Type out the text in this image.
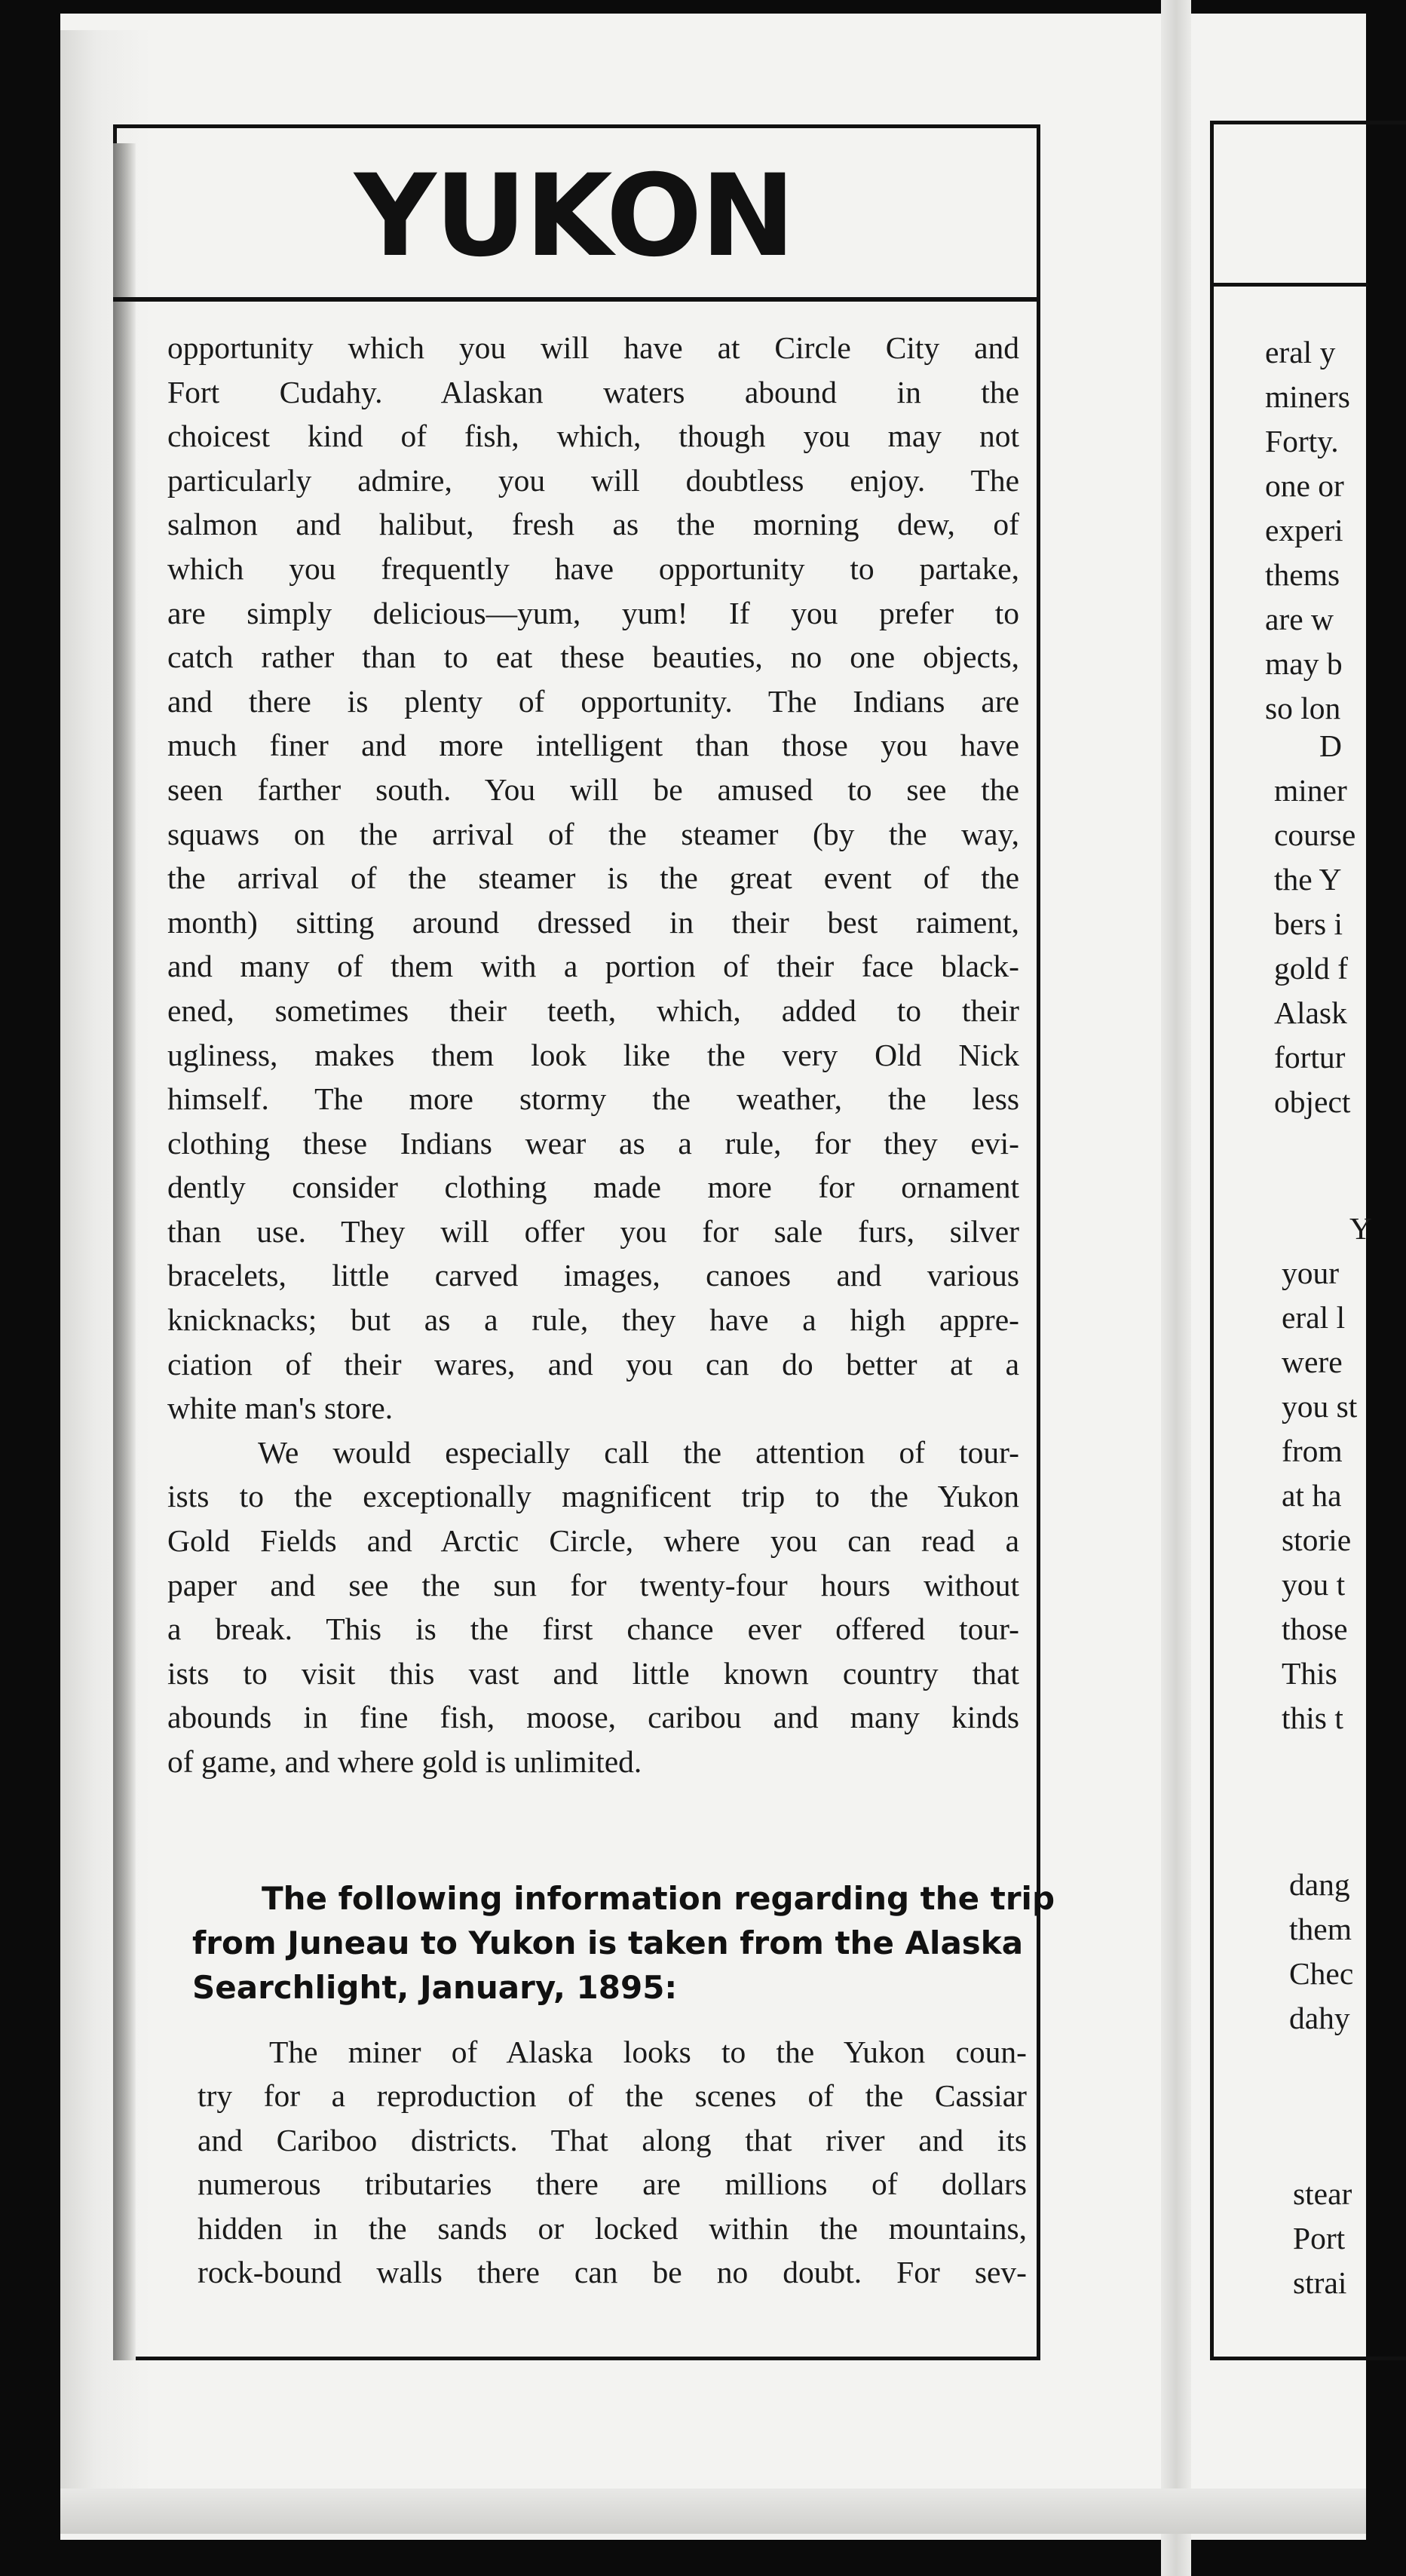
YUKON
opportunity which you will have at Circle City and
Fort Cudahy. Alaskan waters abound in the
choicest kind of fish, which, though you may not
particularly admire, you will doubtless enjoy. The
salmon and halibut, fresh as the morning dew, of
which you frequently have opportunity to partake,
are simply delicious—yum, yum! If you prefer to
catch rather than to eat these beauties, no one objects,
and there is plenty of opportunity. The Indians are
much finer and more intelligent than those you have
seen farther south. You will be amused to see the
squaws on the arrival of the steamer (by the way,
the arrival of the steamer is the great event of the
month) sitting around dressed in their best raiment,
and many of them with a portion of their face black-
ened, sometimes their teeth, which, added to their
ugliness, makes them look like the very Old Nick
himself. The more stormy the weather, the less
clothing these Indians wear as a rule, for they evi-
dently consider clothing made more for ornament
than use. They will offer you for sale furs, silver
bracelets, little carved images, canoes and various
knicknacks; but as a rule, they have a high appre-
ciation of their wares, and you can do better at a
white man's store.
We would especially call the attention of tour-
ists to the exceptionally magnificent trip to the Yukon
Gold Fields and Arctic Circle, where you can read a
paper and see the sun for twenty-four hours without
a break. This is the first chance ever offered tour-
ists to visit this vast and little known country that
abounds in fine fish, moose, caribou and many kinds
of game, and where gold is unlimited.
The following information regarding the trip
from Juneau to Yukon is taken from the Alaska
Searchlight, January, 1895:
The miner of Alaska looks to the Yukon coun-
try for a reproduction of the scenes of the Cassiar
and Cariboo districts. That along that river and its
numerous tributaries there are millions of dollars
hidden in the sands or locked within the mountains,
rock-bound walls there can be no doubt. For sev-
eral y
miners
Forty.
one or
experi
thems
are w
may b
so lon
D
miner
course
the Y
bers i
gold f
Alask
fortur
object
Y
your
eral l
were
you st
from
at ha
storie
you t
those
This
this t
dang
them
Chec
dahy
stear
Port
strai
